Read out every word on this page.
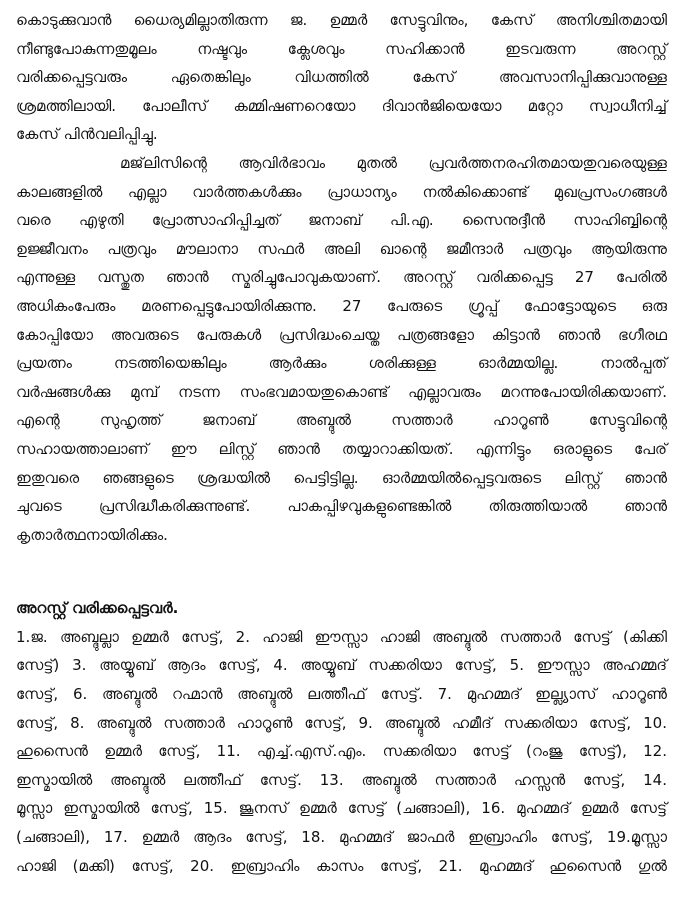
കൊടുക്കുവാൻ ധൈര്യമില്ലാതിരുന്ന ജ. ഉമ്മർ സേട്ടുവിനും, കേസ് അനിശ്ചിതമായി
നീണ്ടുപോകുന്നതുമൂലം നഷ്ടവും ക്ലേശവും സഹിക്കാൻ ഇടവരുന്ന അറസ്റ്റ്
വരിക്കപ്പെട്ടവരും ഏതെങ്കിലും വിധത്തിൽ കേസ് അവസാനിപ്പിക്കുവാനുള്ള
ശ്രമത്തിലായി. പോലീസ് കമ്മിഷണറെയോ ദിവാൻജിയെയോ മറ്റോ സ്വാധീനിച്ച്
കേസ് പിൻവലിപ്പിച്ചു.
മജ്‌ലിസിന്റെ ആവിർഭാവം മുതൽ പ്രവർത്തനരഹിതമായതുവരെയുള്ള
കാലങ്ങളിൽ എല്ലാ വാർത്തകൾക്കും പ്രാധാന്യം നൽകിക്കൊണ്ട് മുഖപ്രസംഗങ്ങൾ
വരെ എഴുതി പ്രോത്സാഹിപ്പിച്ചത് ജനാബ് പി.എ. സൈനുദ്ദീൻ സാഹിബ്ബിന്റെ
ഉജ്ജീവനം പത്രവും മൗലാനാ സഫർ അലി ഖാന്റെ ജമീന്ദാർ പത്രവും ആയിരുന്നു
എന്നുള്ള വസ്തുത ഞാൻ സ്മരിച്ചുപോവുകയാണ്. അറസ്റ്റ് വരിക്കപ്പെട്ട 27 പേരിൽ
അധികംപേരും മരണപ്പെട്ടുപോയിരിക്കുന്നു. 27 പേരുടെ ഗ്രൂപ്പ് ഫോട്ടോയുടെ ഒരു
കോപ്പിയോ അവരുടെ പേരുകൾ പ്രസിദ്ധംചെയ്ത പത്രങ്ങളോ കിട്ടാൻ ഞാൻ ഭഗീരഥ
പ്രയത്നം നടത്തിയെങ്കിലും ആർക്കും ശരിക്കുള്ള ഓർമ്മയില്ല. നാൽപ്പത്
വർഷങ്ങൾക്കു മുമ്പ് നടന്ന സംഭവമായതുകൊണ്ട് എല്ലാവരും മറന്നുപോയിരിക്കയാണ്.
എന്റെ സുഹൃത്ത് ജനാബ് അബ്ദുൽ സത്താർ ഹാറൂൺ സേട്ടുവിന്റെ
സഹായത്താലാണ് ഈ ലിസ്റ്റ് ഞാൻ തയ്യാറാക്കിയത്. എന്നിട്ടും ഒരാളുടെ പേര്
ഇതുവരെ ഞങ്ങളുടെ ശ്രദ്ധയിൽ പെട്ടിട്ടില്ല. ഓർമ്മയിൽപ്പെട്ടവരുടെ ലിസ്റ്റ് ഞാൻ
ചുവടെ പ്രസിദ്ധീകരിക്കുന്നുണ്ട്. പാകപ്പിഴവുകളുണ്ടെങ്കിൽ തിരുത്തിയാൽ ഞാൻ
കൃതാർത്ഥനായിരിക്കും.
അറസ്റ്റ് വരിക്കപ്പെട്ടവർ.
1.ജ. അബ്ദുല്ലാ ഉമ്മർ സേട്ട്, 2. ഹാജി ഈസ്സാ ഹാജി അബ്ദുൽ സത്താർ സേട്ട് (കിക്കി
സേട്ട്) 3. അയ്യൂബ് ആദം സേട്ട്, 4. അയ്യൂബ് സക്കരിയാ സേട്ട്, 5. ഈസ്സാ അഹമ്മദ്
സേട്ട്, 6. അബ്ദുൽ റഹ്മാൻ അബ്ദുൽ ലത്തീഫ് സേട്ട്. 7. മുഹമ്മദ് ഇല്ല്യാസ് ഹാറൂൺ
സേട്ട്, 8. അബ്ദുൽ സത്താർ ഹാറൂൺ സേട്ട്, 9. അബ്ദുൽ ഹമീദ് സക്കരിയാ സേട്ട്, 10.
ഹുസൈൻ ഉമ്മർ സേട്ട്, 11. എച്ച്.എസ്.എം. സക്കരിയാ സേട്ട് (റംജു സേട്ട്), 12.
ഇസ്മായിൽ അബ്ദുൽ ലത്തീഫ് സേട്ട്. 13. അബ്ദുൽ സത്താർ ഹസ്സൻ സേട്ട്, 14.
മൂസ്സാ ഇസ്മായിൽ സേട്ട്, 15. ജൂനസ് ഉമ്മർ സേട്ട് (ചങ്ങാലി), 16. മുഹമ്മദ് ഉമ്മർ സേട്ട്
(ചങ്ങാലി), 17. ഉമ്മർ ആദം സേട്ട്, 18. മുഹമ്മദ് ജാഫർ ഇബ്രാഹിം സേട്ട്, 19.മൂസ്സാ
ഹാജി (മക്കി) സേട്ട്, 20. ഇബ്രാഹിം കാസം സേട്ട്, 21. മുഹമ്മദ് ഹുസൈൻ ഗുൽ
